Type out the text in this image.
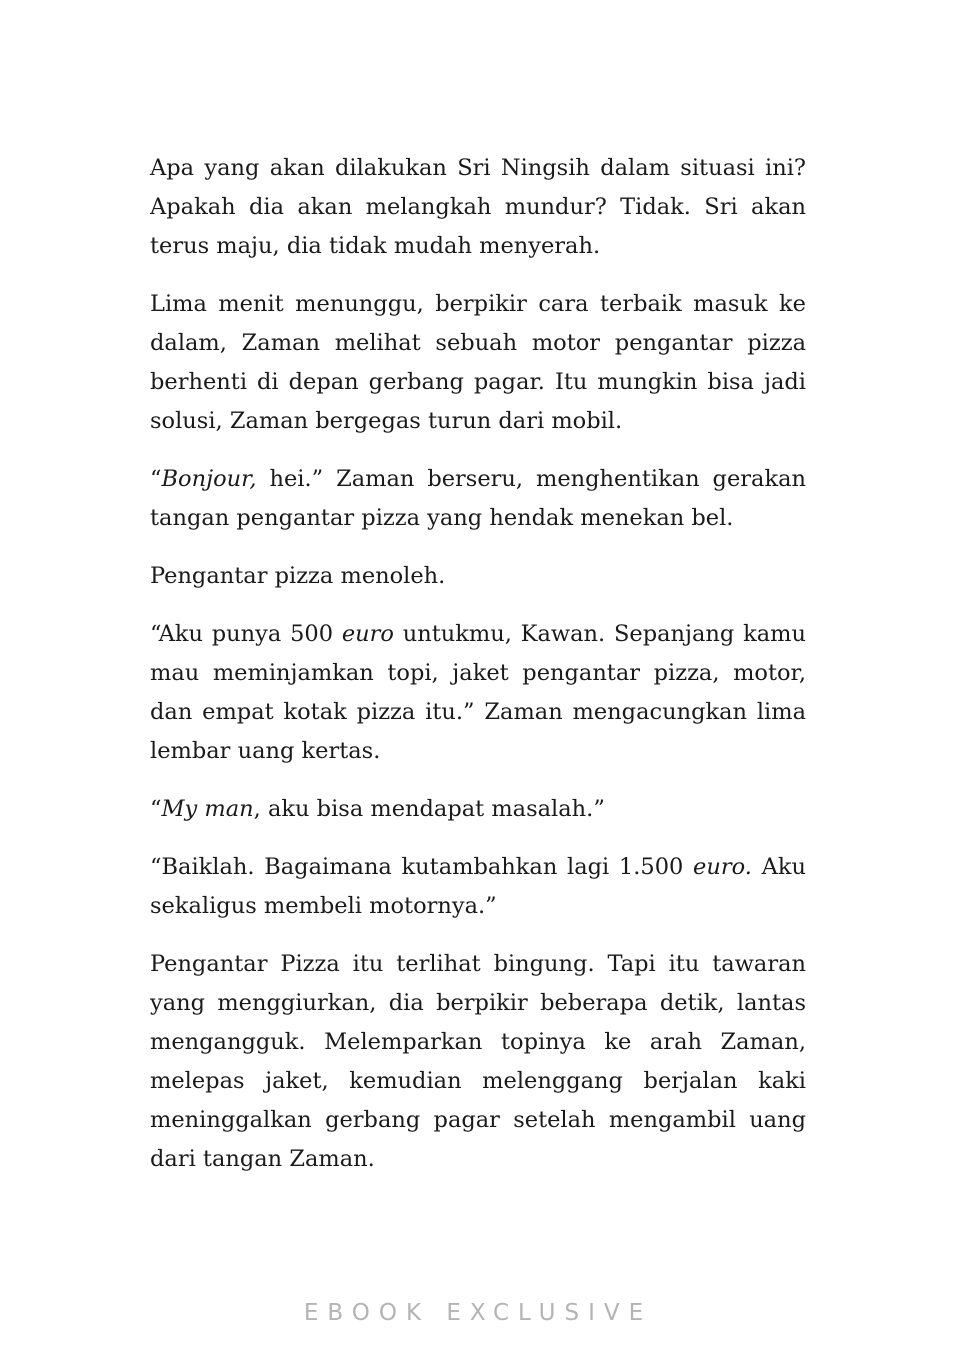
Apa yang akan dilakukan Sri Ningsih dalam situasi ini? Apakah dia akan melangkah mundur? Tidak. Sri akan terus maju, dia tidak mudah menyerah.

Lima menit menunggu, berpikir cara terbaik masuk ke dalam, Zaman melihat sebuah motor pengantar pizza berhenti di depan gerbang pagar. Itu mungkin bisa jadi solusi, Zaman bergegas turun dari mobil.

“Bonjour, hei.” Zaman berseru, menghentikan gerakan tangan pengantar pizza yang hendak menekan bel.

Pengantar pizza menoleh.

“Aku punya 500 euro untukmu, Kawan. Sepanjang kamu mau meminjamkan topi, jaket pengantar pizza, motor, dan empat kotak pizza itu.” Zaman mengacungkan lima lembar uang kertas.

“My man, aku bisa mendapat masalah.”

“Baiklah. Bagaimana kutambahkan lagi 1.500 euro. Aku sekaligus membeli motornya.”

Pengantar Pizza itu terlihat bingung. Tapi itu tawaran yang menggiurkan, dia berpikir beberapa detik, lantas mengangguk. Melemparkan topinya ke arah Zaman, melepas jaket, kemudian melenggang berjalan kaki meninggalkan gerbang pagar setelah mengambil uang dari tangan Zaman.

EBOOK EXCLUSIVE
